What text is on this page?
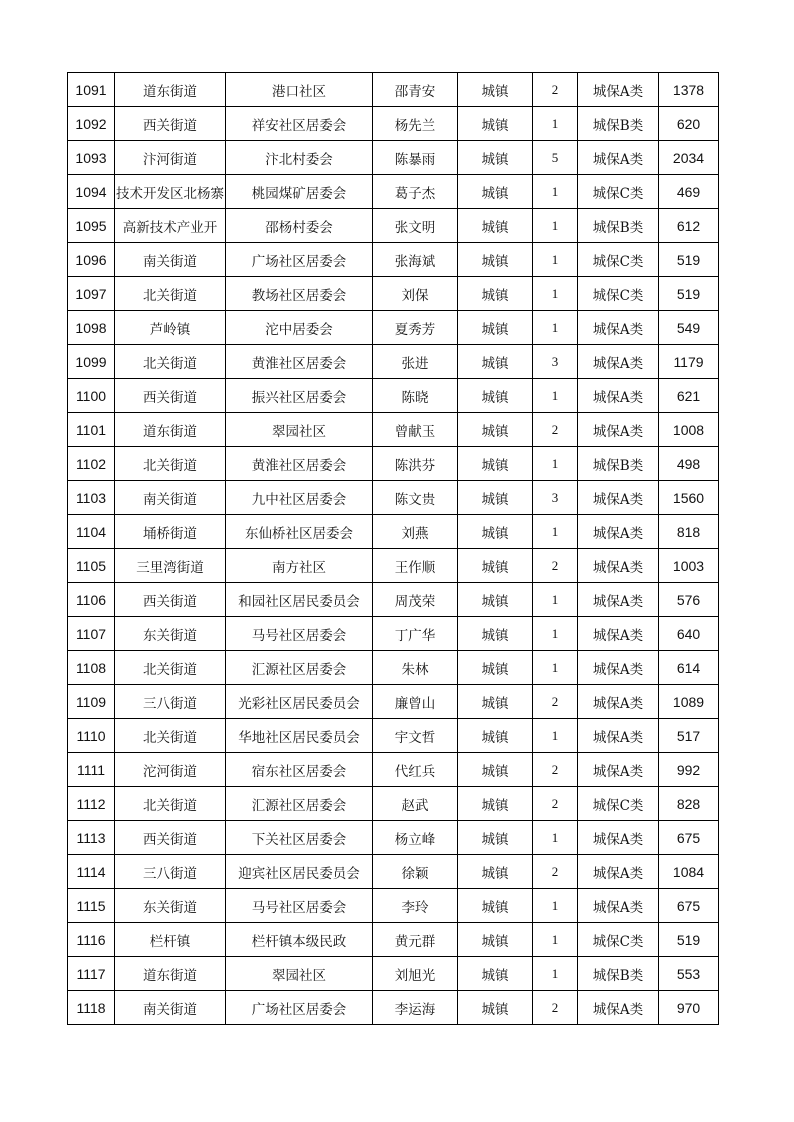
1091	道东街道	港口社区	邵青安	城镇	2	城保A类	1378
1092	西关街道	祥安社区居委会	杨先兰	城镇	1	城保B类	620
1093	汴河街道	汴北村委会	陈暴雨	城镇	5	城保A类	2034
1094	技术开发区北杨寨	桃园煤矿居委会	葛子杰	城镇	1	城保C类	469
1095	高新技术产业开	邵杨村委会	张文明	城镇	1	城保B类	612
1096	南关街道	广场社区居委会	张海斌	城镇	1	城保C类	519
1097	北关街道	教场社区居委会	刘保	城镇	1	城保C类	519
1098	芦岭镇	沱中居委会	夏秀芳	城镇	1	城保A类	549
1099	北关街道	黄淮社区居委会	张进	城镇	3	城保A类	1179
1100	西关街道	振兴社区居委会	陈晓	城镇	1	城保A类	621
1101	道东街道	翠园社区	曾献玉	城镇	2	城保A类	1008
1102	北关街道	黄淮社区居委会	陈洪芬	城镇	1	城保B类	498
1103	南关街道	九中社区居委会	陈文贵	城镇	3	城保A类	1560
1104	埇桥街道	东仙桥社区居委会	刘燕	城镇	1	城保A类	818
1105	三里湾街道	南方社区	王作顺	城镇	2	城保A类	1003
1106	西关街道	和园社区居民委员会	周茂荣	城镇	1	城保A类	576
1107	东关街道	马号社区居委会	丁广华	城镇	1	城保A类	640
1108	北关街道	汇源社区居委会	朱林	城镇	1	城保A类	614
1109	三八街道	光彩社区居民委员会	廉曾山	城镇	2	城保A类	1089
1110	北关街道	华地社区居民委员会	宇文哲	城镇	1	城保A类	517
1111	沱河街道	宿东社区居委会	代红兵	城镇	2	城保A类	992
1112	北关街道	汇源社区居委会	赵武	城镇	2	城保C类	828
1113	西关街道	下关社区居委会	杨立峰	城镇	1	城保A类	675
1114	三八街道	迎宾社区居民委员会	徐颖	城镇	2	城保A类	1084
1115	东关街道	马号社区居委会	李玲	城镇	1	城保A类	675
1116	栏杆镇	栏杆镇本级民政	黄元群	城镇	1	城保C类	519
1117	道东街道	翠园社区	刘旭光	城镇	1	城保B类	553
1118	南关街道	广场社区居委会	李运海	城镇	2	城保A类	970
